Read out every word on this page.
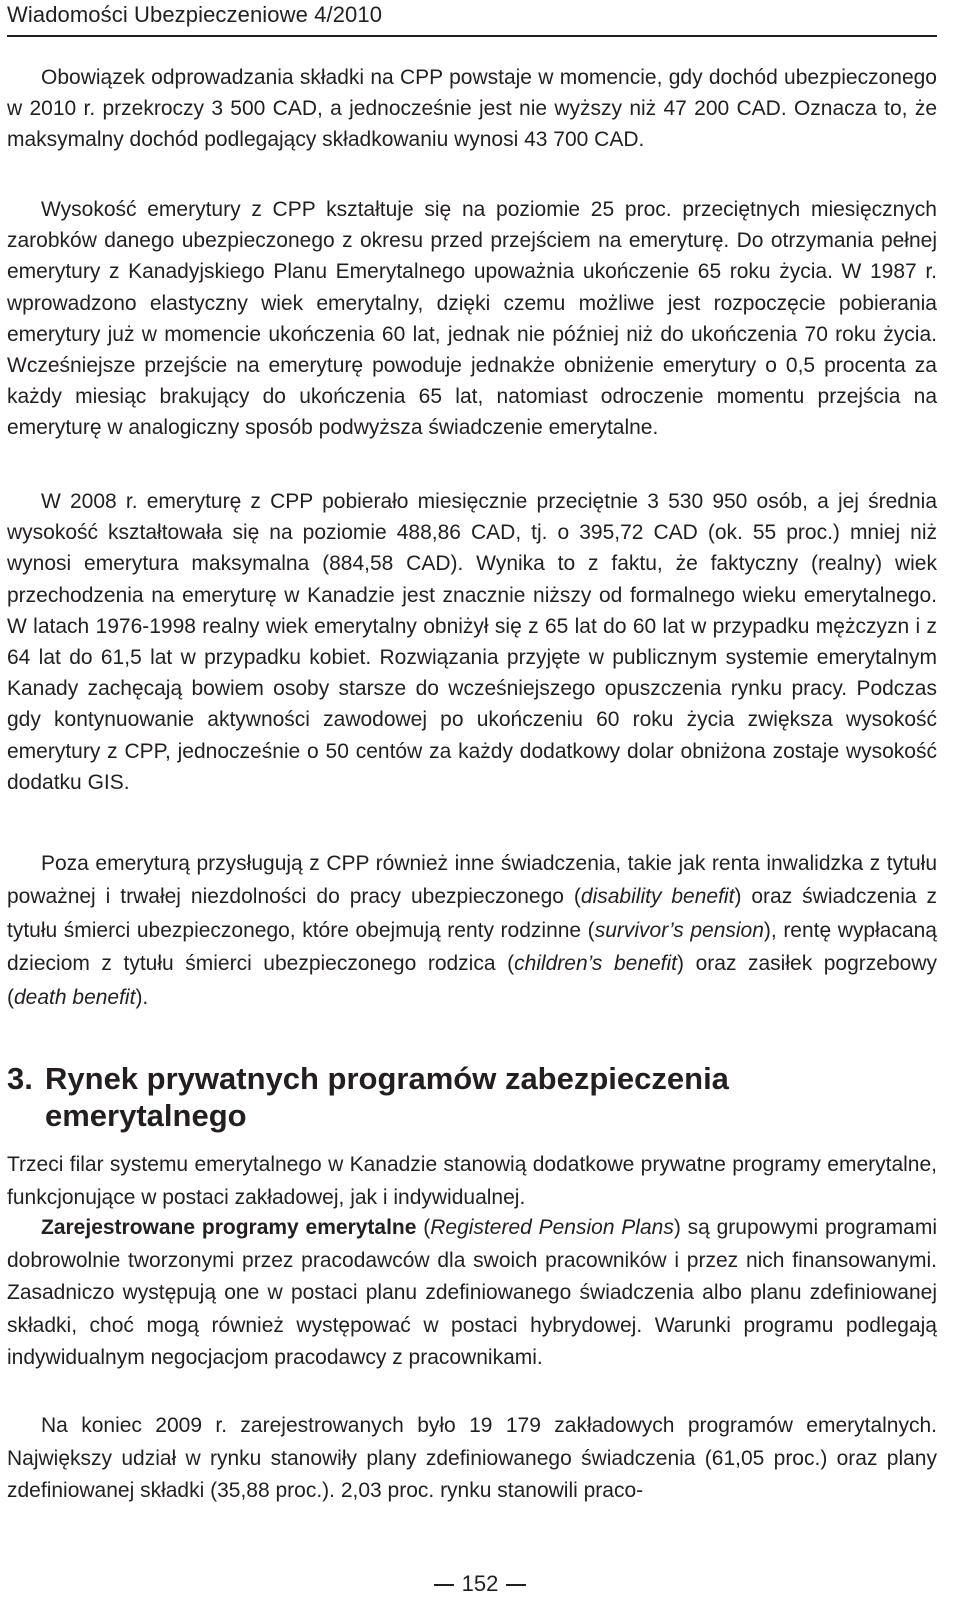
Wiadomości Ubezpieczeniowe 4/2010

Obowiązek odprowadzania składki na CPP powstaje w momencie, gdy dochód ubezpieczonego w 2010 r. przekroczy 3 500 CAD, a jednocześnie jest nie wyższy niż 47 200 CAD. Oznacza to, że maksymalny dochód podlegający składkowaniu wynosi 43 700 CAD.

Wysokość emerytury z CPP kształtuje się na poziomie 25 proc. przeciętnych miesięcznych zarobków danego ubezpieczonego z okresu przed przejściem na emeryturę. Do otrzymania pełnej emerytury z Kanadyjskiego Planu Emerytalnego upoważnia ukończenie 65 roku życia. W 1987 r. wprowadzono elastyczny wiek emerytalny, dzięki czemu możliwe jest rozpoczęcie pobierania emerytury już w momencie ukończenia 60 lat, jednak nie później niż do ukończenia 70 roku życia. Wcześniejsze przejście na emeryturę powoduje jednakże obniżenie emerytury o 0,5 procenta za każdy miesiąc brakujący do ukończenia 65 lat, natomiast odroczenie momentu przejścia na emeryturę w analogiczny sposób podwyższa świadczenie emerytalne.

W 2008 r. emeryturę z CPP pobierało miesięcznie przeciętnie 3 530 950 osób, a jej średnia wysokość kształtowała się na poziomie 488,86 CAD, tj. o 395,72 CAD (ok. 55 proc.) mniej niż wynosi emerytura maksymalna (884,58 CAD). Wynika to z faktu, że faktyczny (realny) wiek przechodzenia na emeryturę w Kanadzie jest znacznie niższy od formalnego wieku emerytalnego. W latach 1976-1998 realny wiek emerytalny obniżył się z 65 lat do 60 lat w przypadku mężczyzn i z 64 lat do 61,5 lat w przypadku kobiet. Rozwiązania przyjęte w publicznym systemie emerytalnym Kanady zachęcają bowiem osoby starsze do wcześniejszego opuszczenia rynku pracy. Podczas gdy kontynuowanie aktywności zawodowej po ukończeniu 60 roku życia zwiększa wysokość emerytury z CPP, jednocześnie o 50 centów za każdy dodatkowy dolar obniżona zostaje wysokość dodatku GIS.

Poza emeryturą przysługują z CPP również inne świadczenia, takie jak renta inwalidzka z tytułu poważnej i trwałej niezdolności do pracy ubezpieczonego (disability benefit) oraz świadczenia z tytułu śmierci ubezpieczonego, które obejmują renty rodzinne (survivor’s pension), rentę wypłacaną dzieciom z tytułu śmierci ubezpieczonego rodzica (children’s benefit) oraz zasiłek pogrzebowy (death benefit).

3. Rynek prywatnych programów zabezpieczenia
emerytalnego

Trzeci filar systemu emerytalnego w Kanadzie stanowią dodatkowe prywatne programy emerytalne, funkcjonujące w postaci zakładowej, jak i indywidualnej.

Zarejestrowane programy emerytalne (Registered Pension Plans) są grupowymi programami dobrowolnie tworzonymi przez pracodawców dla swoich pracowników i przez nich finansowanymi. Zasadniczo występują one w postaci planu zdefiniowanego świadczenia albo planu zdefiniowanej składki, choć mogą również występować w postaci hybrydowej. Warunki programu podlegają indywidualnym negocjacjom pracodawcy z pracownikami.

Na koniec 2009 r. zarejestrowanych było 19 179 zakładowych programów emerytalnych. Największy udział w rynku stanowiły plany zdefiniowanego świadczenia (61,05 proc.) oraz plany zdefiniowanej składki (35,88 proc.). 2,03 proc. rynku stanowili praco-

152
